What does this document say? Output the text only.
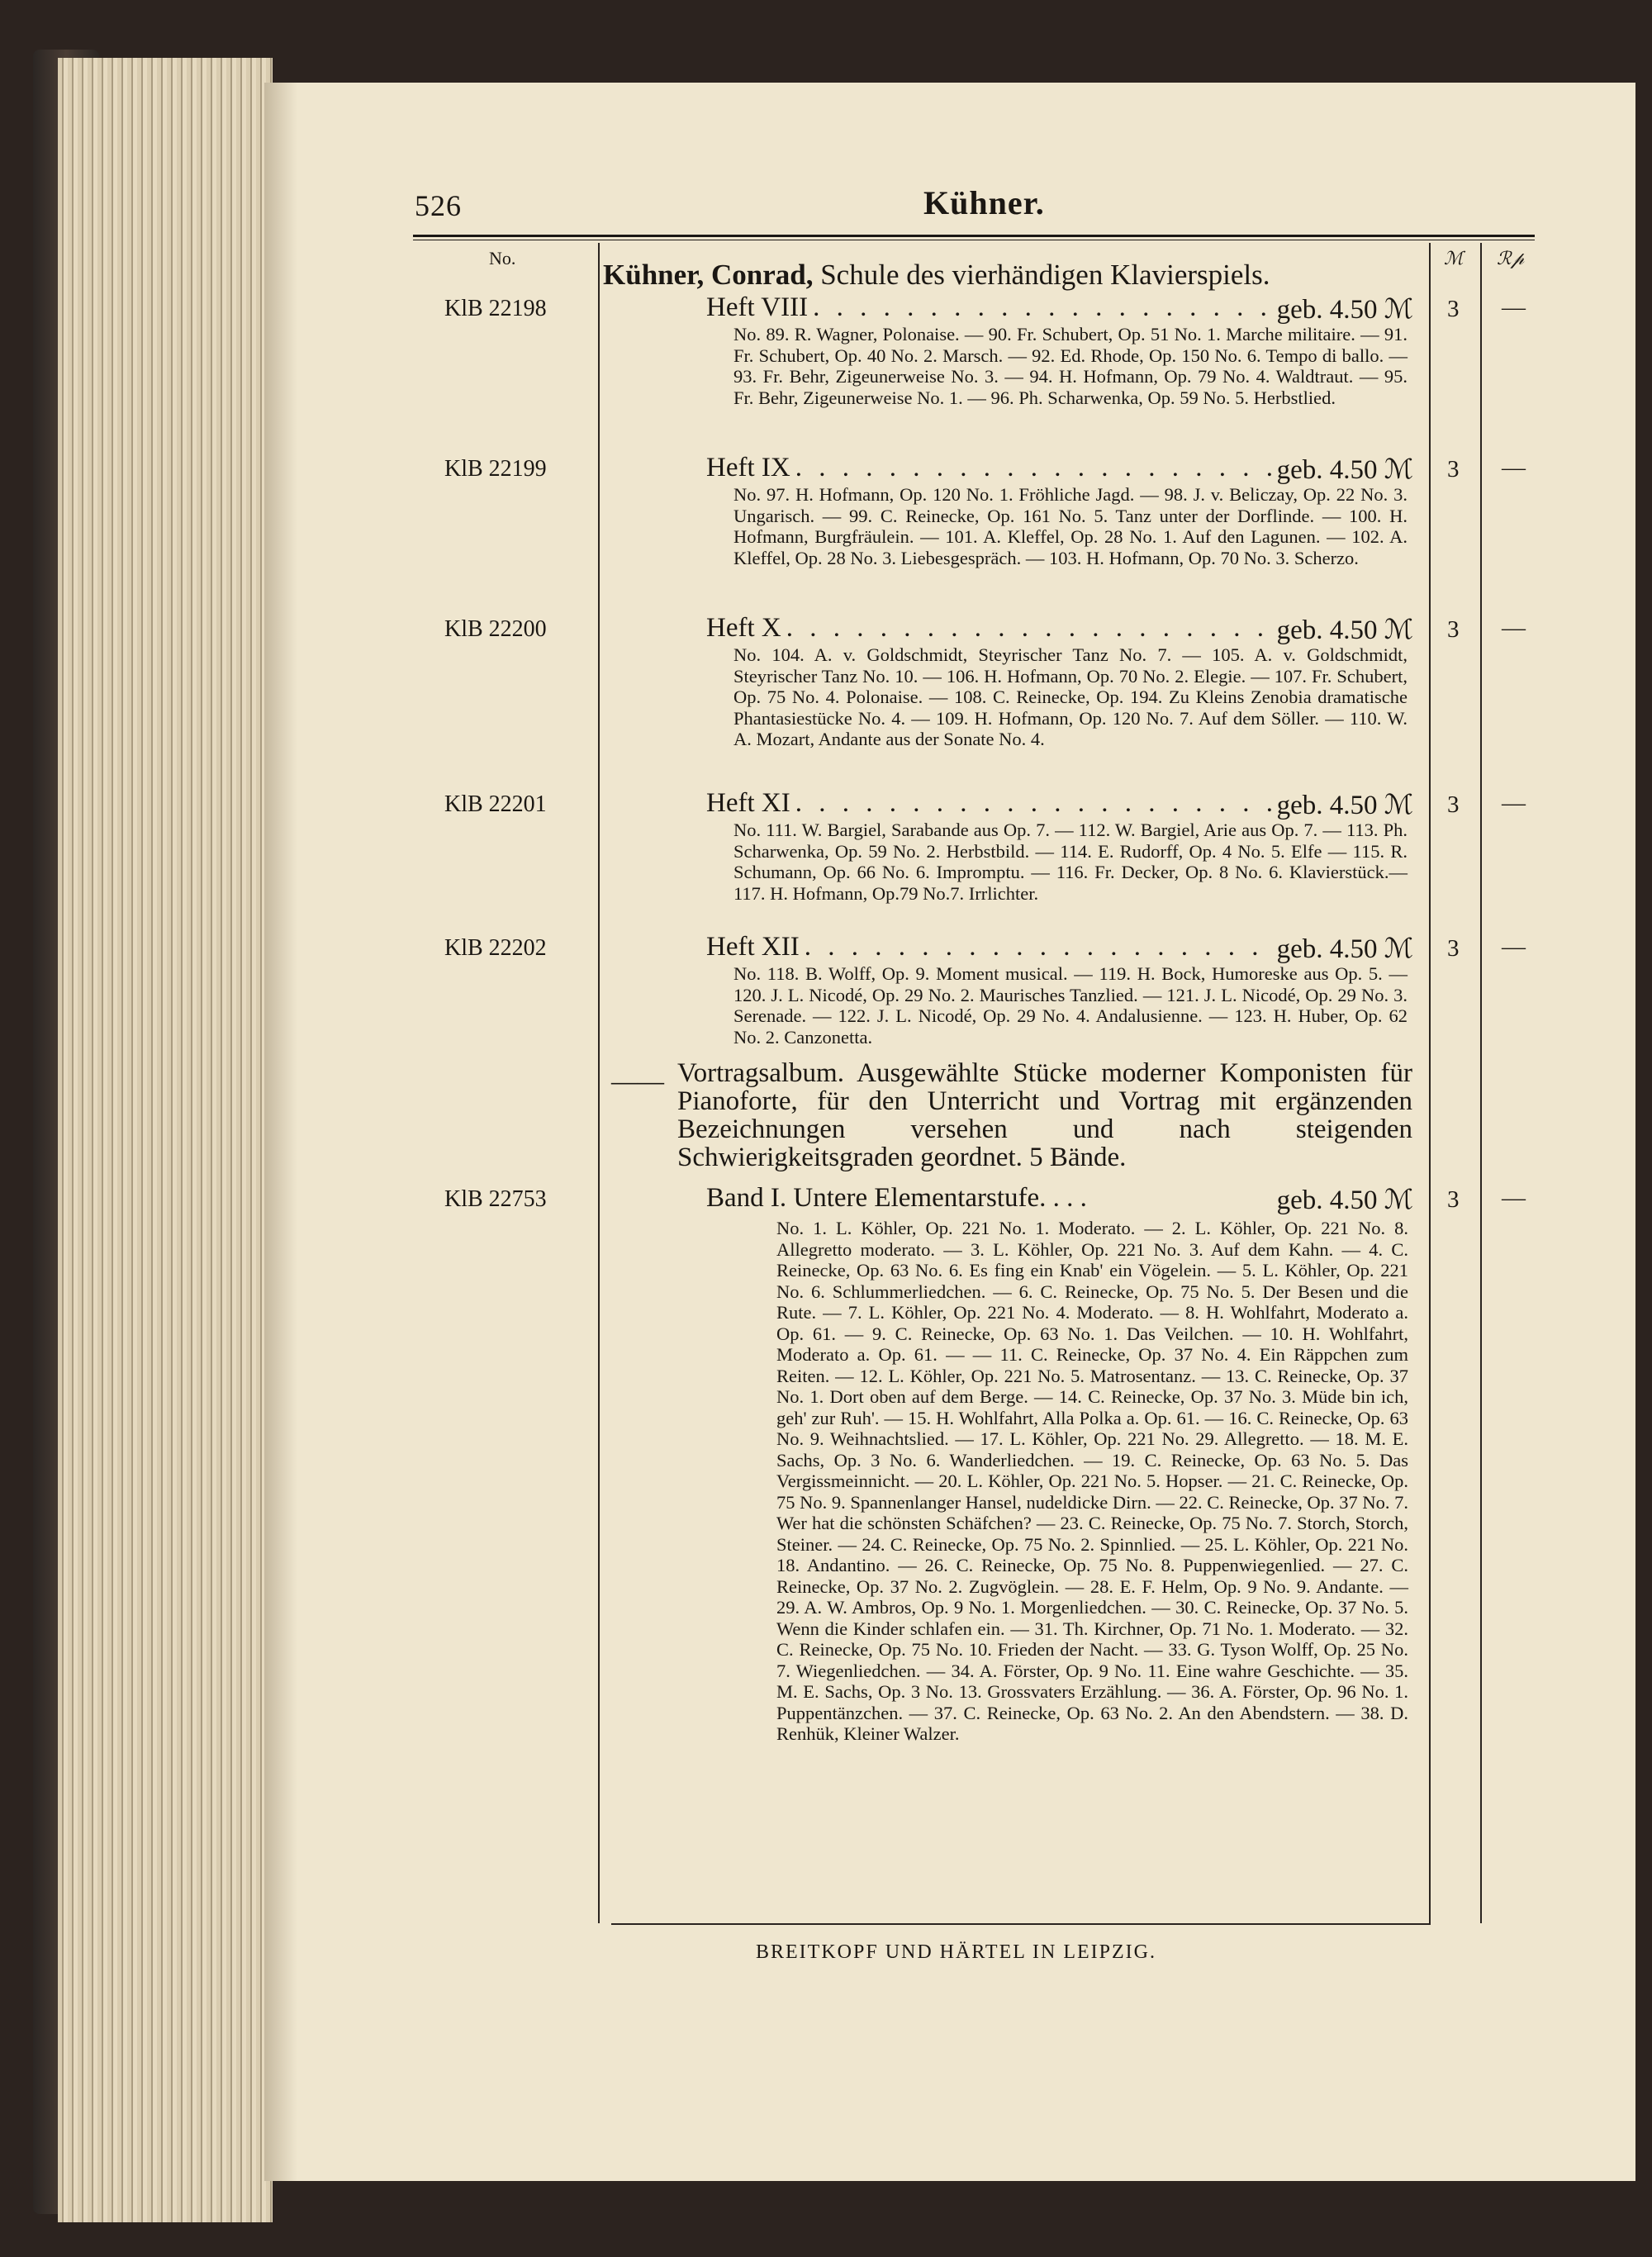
526	Kühner.
No.	ℳ ℛ𝓅
Kühner, Conrad, Schule des vierhändigen Klavierspiels.
KlB 22198	Heft VIII . . .	geb. 4.50 ℳ 3 —
No. 89. R. Wagner, Polonaise. — 90. Fr. Schubert, Op. 51 No. 1. Marche militaire. — 91. Fr. Schubert, Op. 40 No. 2. Marsch. — 92. Ed. Rhode, Op. 150 No. 6. Tempo di ballo. — 93. Fr. Behr, Zigeunerweise No. 3. — 94. H. Hofmann, Op. 79 No. 4. Waldtraut. — 95. Fr. Behr, Zigeunerweise No. 1. — 96. Ph. Scharwenka, Op. 59 No. 5. Herbstlied.
KlB 22199	Heft IX . . .	geb. 4.50 ℳ 3 —
No. 97. H. Hofmann, Op. 120 No. 1. Fröhliche Jagd. — 98. J. v. Beliczay, Op. 22 No. 3. Ungarisch. — 99. C. Reinecke, Op. 161 No. 5. Tanz unter der Dorflinde. — 100. H. Hofmann, Burgfräulein. — 101. A. Kleffel, Op. 28 No. 1. Auf den Lagunen. — 102. A. Kleffel, Op. 28 No. 3. Liebesgespräch. — 103. H. Hofmann, Op. 70 No. 3. Scherzo.
KlB 22200	Heft X . . .	geb. 4.50 ℳ 3 —
No. 104. A. v. Goldschmidt, Steyrischer Tanz No. 7. — 105. A. v. Goldschmidt, Steyrischer Tanz No. 10. — 106. H. Hofmann, Op. 70 No. 2. Elegie. — 107. Fr. Schubert, Op. 75 No. 4. Polonaise. — 108. C. Reinecke, Op. 194. Zu Kleins Zenobia dramatische Phantasiestücke No. 4. — 109. H. Hofmann, Op. 120 No. 7. Auf dem Söller. — 110. W. A. Mozart, Andante aus der Sonate No. 4.
KlB 22201	Heft XI . . .	geb. 4.50 ℳ 3 —
No. 111. W. Bargiel, Sarabande aus Op. 7. — 112. W. Bargiel, Arie aus Op. 7. — 113. Ph. Scharwenka, Op. 59 No. 2. Herbstbild. — 114. E. Rudorff, Op. 4 No. 5. Elfe — 115. R. Schumann, Op. 66 No. 6. Impromptu. — 116. Fr. Decker, Op. 8 No. 6. Klavierstück.— 117. H. Hofmann, Op.79 No.7. Irrlichter.
KlB 22202	Heft XII . . .	geb. 4.50 ℳ 3 —
No. 118. B. Wolff, Op. 9. Moment musical. — 119. H. Bock, Humoreske aus Op. 5. — 120. J. L. Nicodé, Op. 29 No. 2. Maurisches Tanzlied. — 121. J. L. Nicodé, Op. 29 No. 3. Serenade. — 122. J. L. Nicodé, Op. 29 No. 4. Andalusienne. — 123. H. Huber, Op. 62 No. 2. Canzonetta.
—— Vortragsalbum. Ausgewählte Stücke moderner Komponisten für Pianoforte, für den Unterricht und Vortrag mit ergänzenden Bezeichnungen versehen und nach steigenden Schwierigkeitsgraden geordnet. 5 Bände.
KlB 22753	Band I. Untere Elementarstufe. . . .	geb. 4.50 ℳ 3 —
No. 1. L. Köhler, Op. 221 No. 1. Moderato. — 2. L. Köhler, Op. 221 No. 8. Allegretto moderato. — 3. L. Köhler, Op. 221 No. 3. Auf dem Kahn. — 4. C. Reinecke, Op. 63 No. 6. Es fing ein Knab' ein Vögelein. — 5. L. Köhler, Op. 221 No. 6. Schlummerliedchen. — 6. C. Reinecke, Op. 75 No. 5. Der Besen und die Rute. — 7. L. Köhler, Op. 221 No. 4. Moderato. — 8. H. Wohlfahrt, Moderato a. Op. 61. — 9. C. Reinecke, Op. 63 No. 1. Das Veilchen. — 10. H. Wohlfahrt, Moderato a. Op. 61. — — 11. C. Reinecke, Op. 37 No. 4. Ein Räppchen zum Reiten. — 12. L. Köhler, Op. 221 No. 5. Matrosentanz. — 13. C. Reinecke, Op. 37 No. 1. Dort oben auf dem Berge. — 14. C. Reinecke, Op. 37 No. 3. Müde bin ich, geh' zur Ruh'. — 15. H. Wohlfahrt, Alla Polka a. Op. 61. — 16. C. Reinecke, Op. 63 No. 9. Weihnachtslied. — 17. L. Köhler, Op. 221 No. 29. Allegretto. — 18. M. E. Sachs, Op. 3 No. 6. Wanderliedchen. — 19. C. Reinecke, Op. 63 No. 5. Das Vergissmeinnicht. — 20. L. Köhler, Op. 221 No. 5. Hopser. — 21. C. Reinecke, Op. 75 No. 9. Spannenlanger Hansel, nudeldicke Dirn. — 22. C. Reinecke, Op. 37 No. 7. Wer hat die schönsten Schäfchen? — 23. C. Reinecke, Op. 75 No. 7. Storch, Storch, Steiner. — 24. C. Reinecke, Op. 75 No. 2. Spinnlied. — 25. L. Köhler, Op. 221 No. 18. Andantino. — 26. C. Reinecke, Op. 75 No. 8. Puppenwiegenlied. — 27. C. Reinecke, Op. 37 No. 2. Zugvöglein. — 28. E. F. Helm, Op. 9 No. 9. Andante. — 29. A. W. Ambros, Op. 9 No. 1. Morgenliedchen. — 30. C. Reinecke, Op. 37 No. 5. Wenn die Kinder schlafen ein. — 31. Th. Kirchner, Op. 71 No. 1. Moderato. — 32. C. Reinecke, Op. 75 No. 10. Frieden der Nacht. — 33. G. Tyson Wolff, Op. 25 No. 7. Wiegenliedchen. — 34. A. Förster, Op. 9 No. 11. Eine wahre Geschichte. — 35. M. E. Sachs, Op. 3 No. 13. Grossvaters Erzählung. — 36. A. Förster, Op. 96 No. 1. Puppentänzchen. — 37. C. Reinecke, Op. 63 No. 2. An den Abendstern. — 38. D. Renhük, Kleiner Walzer.
BREITKOPF UND HÄRTEL IN LEIPZIG.
